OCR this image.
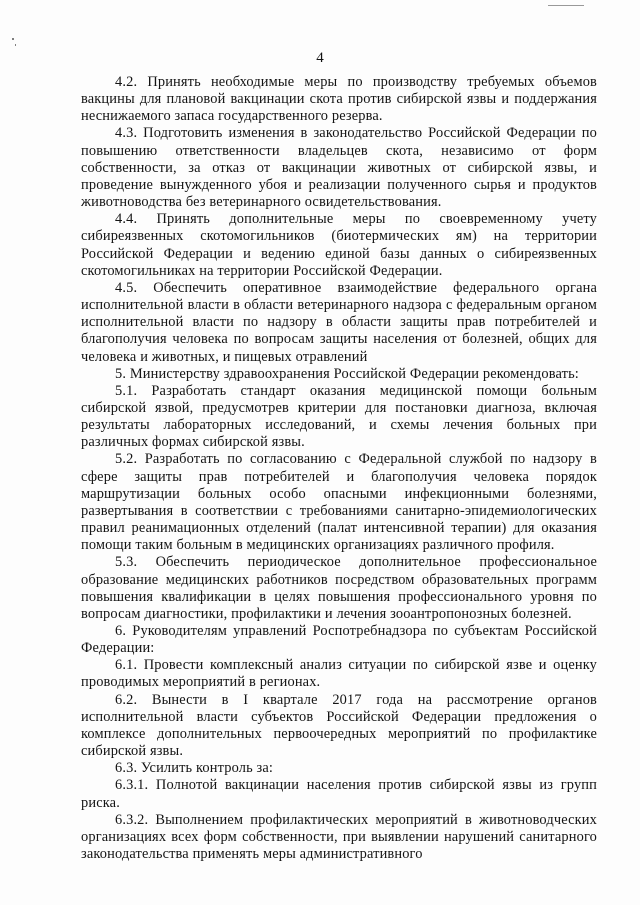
4

4.2. Принять необходимые меры по производству требуемых объемов вакцины для плановой вакцинации скота против сибирской язвы и поддержания неснижаемого запаса государственного резерва.

4.3. Подготовить изменения в законодательство Российской Федерации по повышению ответственности владельцев скота, независимо от форм собственности, за отказ от вакцинации животных от сибирской язвы, и проведение вынужденного убоя и реализации полученного сырья и продуктов животноводства без ветеринарного освидетельствования.

4.4. Принять дополнительные меры по своевременному учету сибиреязвенных скотомогильников (биотермических ям) на территории Российской Федерации и ведению единой базы данных о сибиреязвенных скотомогильниках на территории Российской Федерации.

4.5. Обеспечить оперативное взаимодействие федерального органа исполнительной власти в области ветеринарного надзора с федеральным органом исполнительной власти по надзору в области защиты прав потребителей и благополучия человека по вопросам защиты населения от болезней, общих для человека и животных, и пищевых отравлений

5. Министерству здравоохранения Российской Федерации рекомендовать:

5.1. Разработать стандарт оказания медицинской помощи больным сибирской язвой, предусмотрев критерии для постановки диагноза, включая результаты лабораторных исследований, и схемы лечения больных при различных формах сибирской язвы.

5.2. Разработать по согласованию с Федеральной службой по надзору в сфере защиты прав потребителей и благополучия человека порядок маршрутизации больных особо опасными инфекционными болезнями, развертывания в соответствии с требованиями санитарно-эпидемиологических правил реанимационных отделений (палат интенсивной терапии) для оказания помощи таким больным в медицинских организациях различного профиля.

5.3. Обеспечить периодическое дополнительное профессиональное образование медицинских работников посредством образовательных программ повышения квалификации в целях повышения профессионального уровня по вопросам диагностики, профилактики и лечения зооантропонозных болезней.

6. Руководителям управлений Роспотребнадзора по субъектам Российской Федерации:

6.1. Провести комплексный анализ ситуации по сибирской язве и оценку проводимых мероприятий в регионах.

6.2. Вынести в I квартале 2017 года на рассмотрение органов исполнительной власти субъектов Российской Федерации предложения о комплексе дополнительных первоочередных мероприятий по профилактике сибирской язвы.

6.3. Усилить контроль за:

6.3.1. Полнотой вакцинации населения против сибирской язвы из групп риска.

6.3.2. Выполнением профилактических мероприятий в животноводческих организациях всех форм собственности, при выявлении нарушений санитарного законодательства применять меры административного
